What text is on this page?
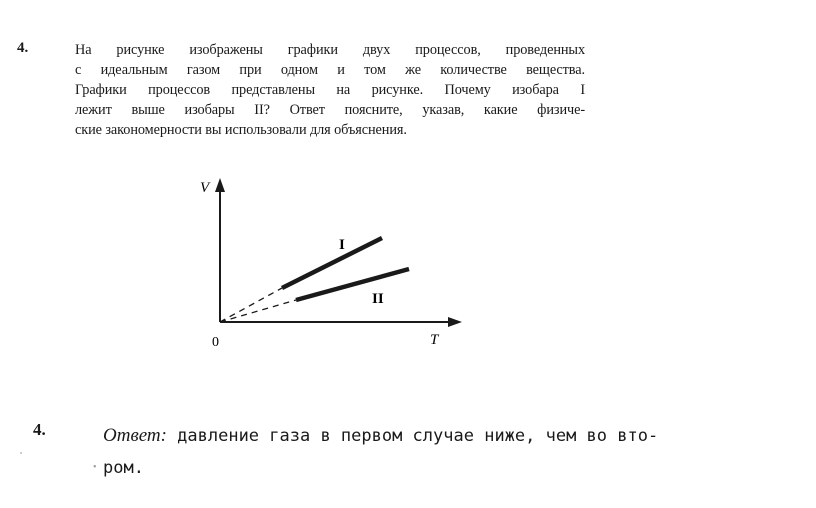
4.	На рисунке изображены графики двух процессов, проведенных
с идеальным газом при одном и том же количестве вещества.
Графики процессов представлены на рисунке. Почему изобара I
лежит выше изобары II? Ответ поясните, указав, какие физиче-
ские закономерности вы использовали для объяснения.
V
T
0
I
II
4.	Ответ: давление газа в первом случае ниже, чем во вто-
ром.
•
